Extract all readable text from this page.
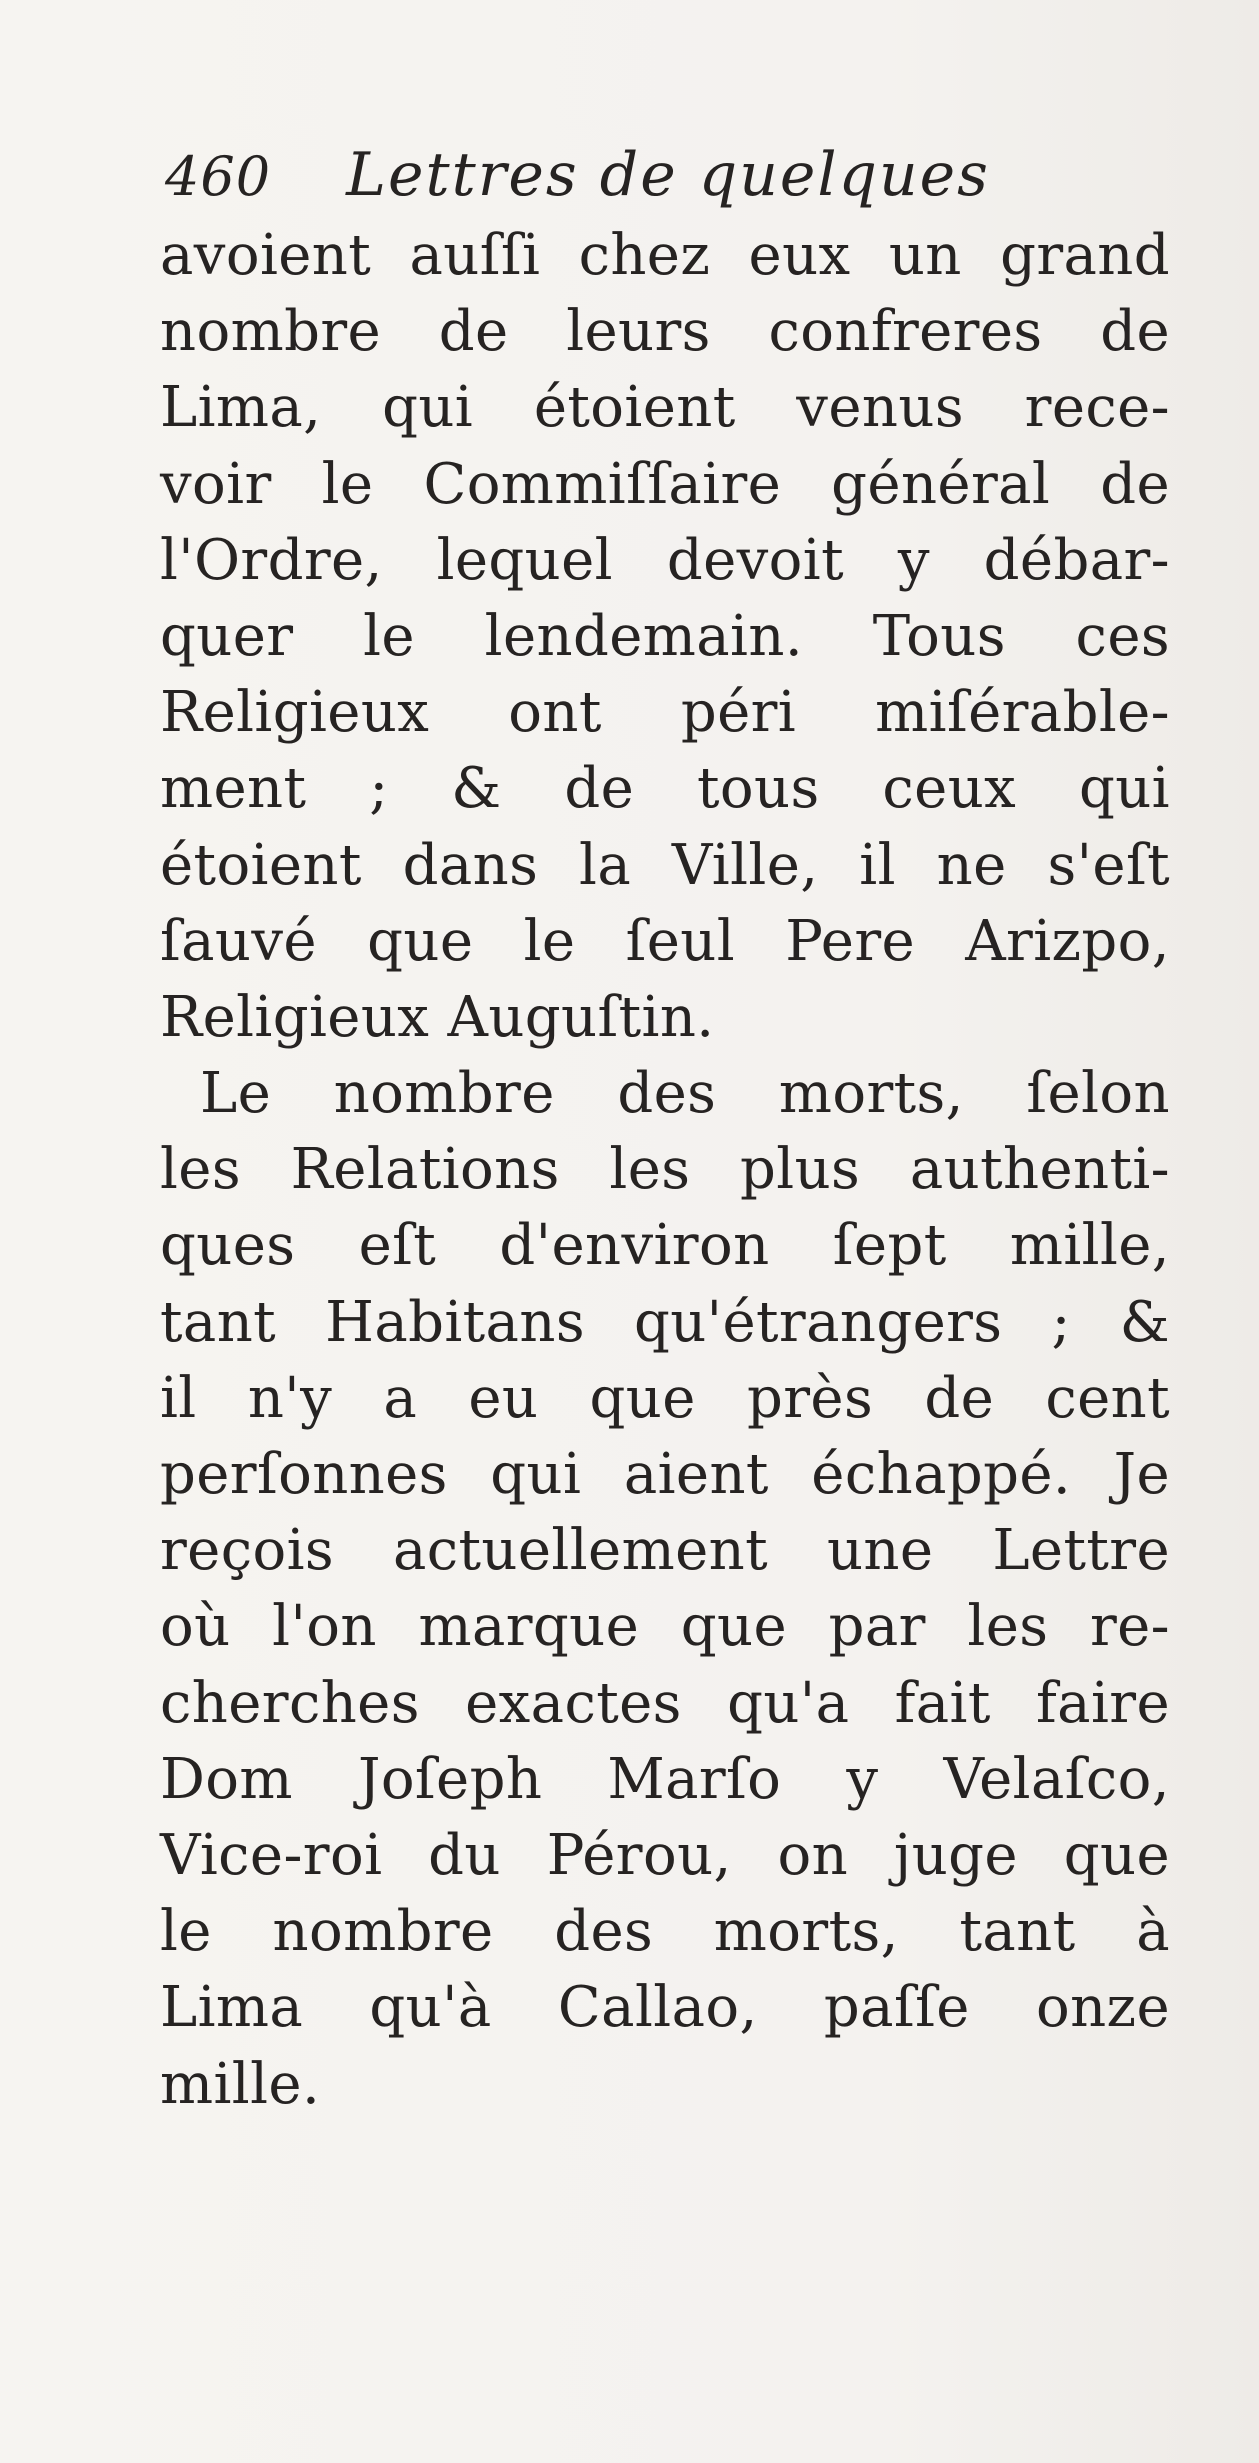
460 Lettres de quelques
avoient auſſi chez eux un grand
nombre de leurs confreres de
Lima, qui étoient venus rece-
voir le Commiſſaire général de
l'Ordre, lequel devoit y débar-
quer le lendemain. Tous ces
Religieux ont péri miſérable-
ment ; & de tous ceux qui
étoient dans la Ville, il ne s'eſt
ſauvé que le ſeul Pere Arizpo,
Religieux Auguſtin.
Le nombre des morts, ſelon
les Relations les plus authenti-
ques eſt d'environ ſept mille,
tant Habitans qu'étrangers ; &
il n'y a eu que près de cent
perſonnes qui aient échappé. Je
reçois actuellement une Lettre
où l'on marque que par les re-
cherches exactes qu'a fait faire
Dom Joſeph Marſo y Velaſco,
Vice-roi du Pérou, on juge que
le nombre des morts, tant à
Lima qu'à Callao, paſſe onze
mille.
